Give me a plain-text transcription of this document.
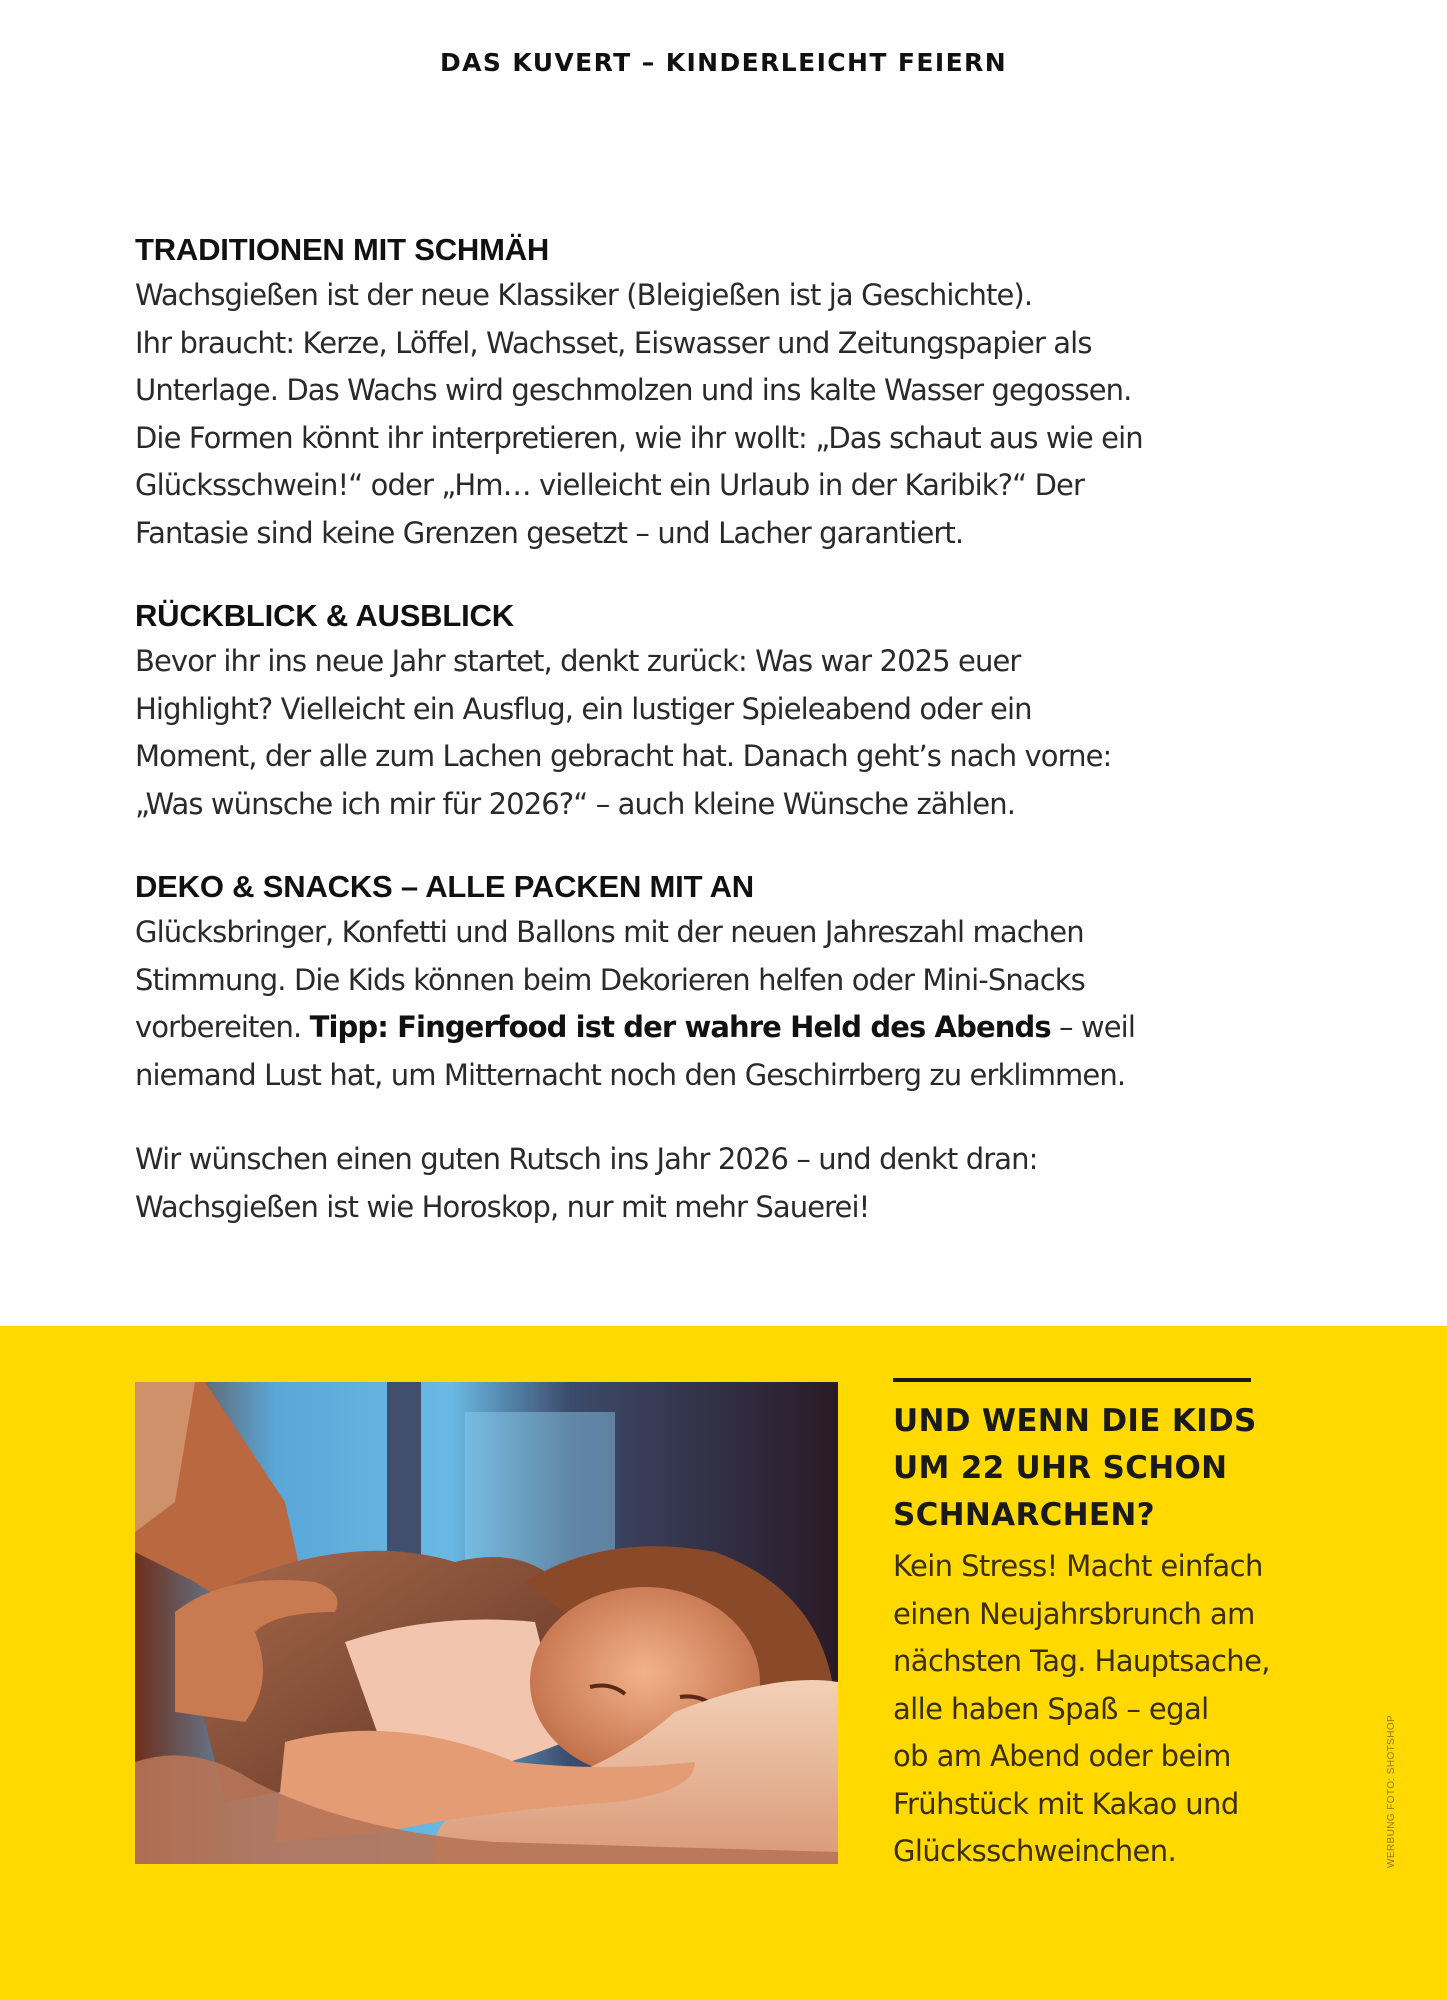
DAS KUVERT – KINDERLEICHT FEIERN
TRADITIONEN MIT SCHMÄH

Wachsgießen ist der neue Klassiker (Bleigießen ist ja Geschichte).
Ihr braucht: Kerze, Löffel, Wachsset, Eiswasser und Zeitungspapier als
Unterlage. Das Wachs wird geschmolzen und ins kalte Wasser gegossen.
Die Formen könnt ihr interpretieren, wie ihr wollt: „Das schaut aus wie ein
Glücksschwein!“ oder „Hm… vielleicht ein Urlaub in der Karibik?“ Der
Fantasie sind keine Grenzen gesetzt – und Lacher garantiert.

RÜCKBLICK & AUSBLICK

Bevor ihr ins neue Jahr startet, denkt zurück: Was war 2025 euer
Highlight? Vielleicht ein Ausflug, ein lustiger Spieleabend oder ein
Moment, der alle zum Lachen gebracht hat. Danach geht’s nach vorne:
„Was wünsche ich mir für 2026?“ – auch kleine Wünsche zählen.

DEKO & SNACKS – ALLE PACKEN MIT AN

Glücksbringer, Konfetti und Ballons mit der neuen Jahreszahl machen
Stimmung. Die Kids können beim Dekorieren helfen oder Mini-Snacks
vorbereiten. Tipp: Fingerfood ist der wahre Held des Abends – weil
niemand Lust hat, um Mitternacht noch den Geschirrberg zu erklimmen.

Wir wünschen einen guten Rutsch ins Jahr 2026 – und denkt dran:
Wachsgießen ist wie Horoskop, nur mit mehr Sauerei!

UND WENN DIE KIDS
UM 22 UHR SCHON
SCHNARCHEN?
Kein Stress! Macht einfach
einen Neujahrsbrunch am
nächsten Tag. Hauptsache,
alle haben Spaß – egal
ob am Abend oder beim
Frühstück mit Kakao und
Glücksschweinchen.	WERBUNG FOTO: SHOTSHOP
